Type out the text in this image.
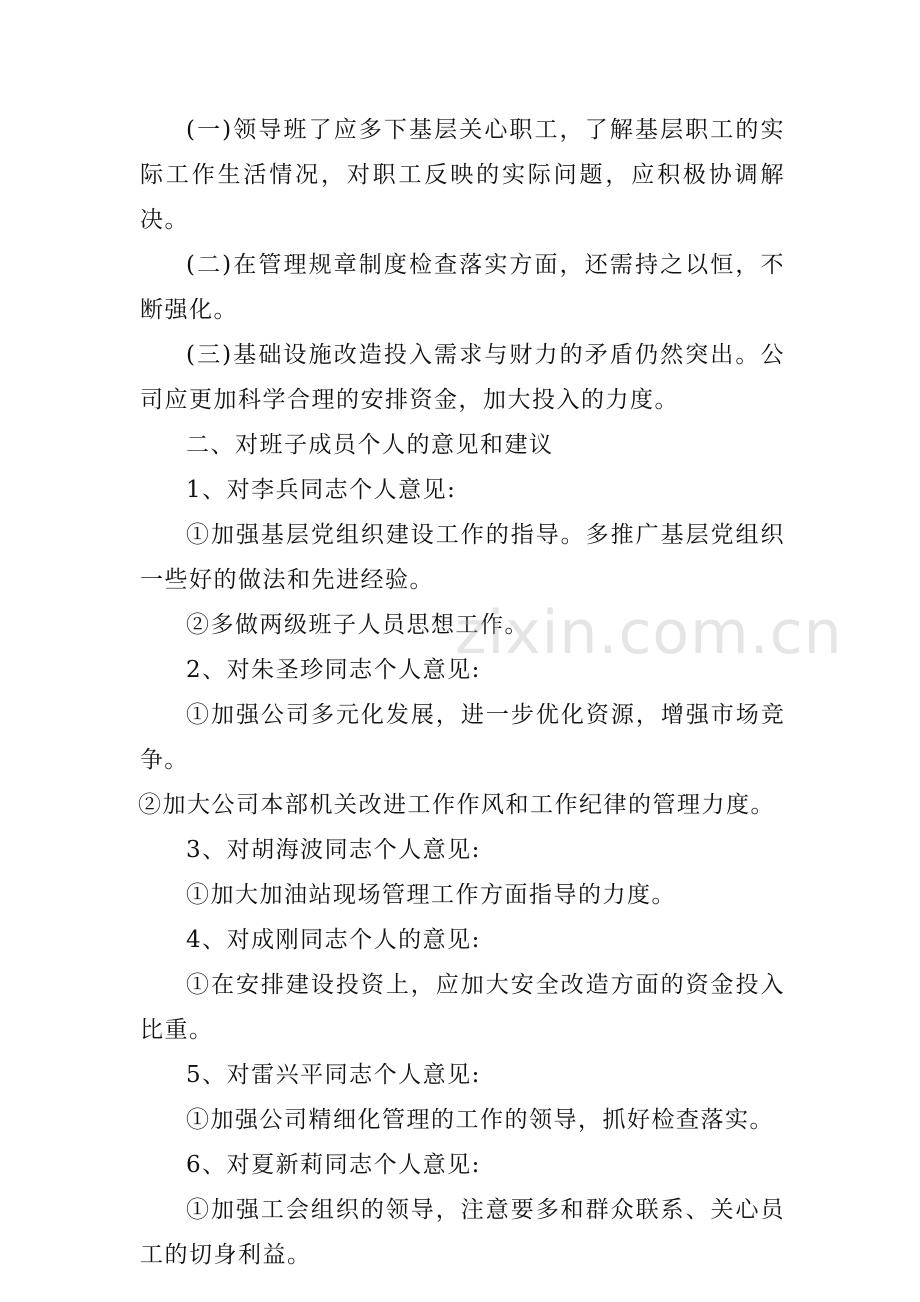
(一)领导班了应多下基层关心职工，了解基层职工的实际工作生活情况，对职工反映的实际问题，应积极协调解决。

(二)在管理规章制度检查落实方面，还需持之以恒，不断强化。

(三)基础设施改造投入需求与财力的矛盾仍然突出。公司应更加科学合理的安排资金，加大投入的力度。

二、对班子成员个人的意见和建议

1、对李兵同志个人意见:

①加强基层党组织建设工作的指导。多推广基层党组织一些好的做法和先进经验。

②多做两级班子人员思想工作。

2、对朱圣珍同志个人意见:

①加强公司多元化发展，进一步优化资源，增强市场竞争。

②加大公司本部机关改进工作作风和工作纪律的管理力度。

3、对胡海波同志个人意见:

①加大加油站现场管理工作方面指导的力度。

4、对成刚同志个人的意见:

①在安排建设投资上，应加大安全改造方面的资金投入比重。

5、对雷兴平同志个人意见:

①加强公司精细化管理的工作的领导，抓好检查落实。

6、对夏新莉同志个人意见:

①加强工会组织的领导，注意要多和群众联系、关心员工的切身利益。

zixin.com.cn
